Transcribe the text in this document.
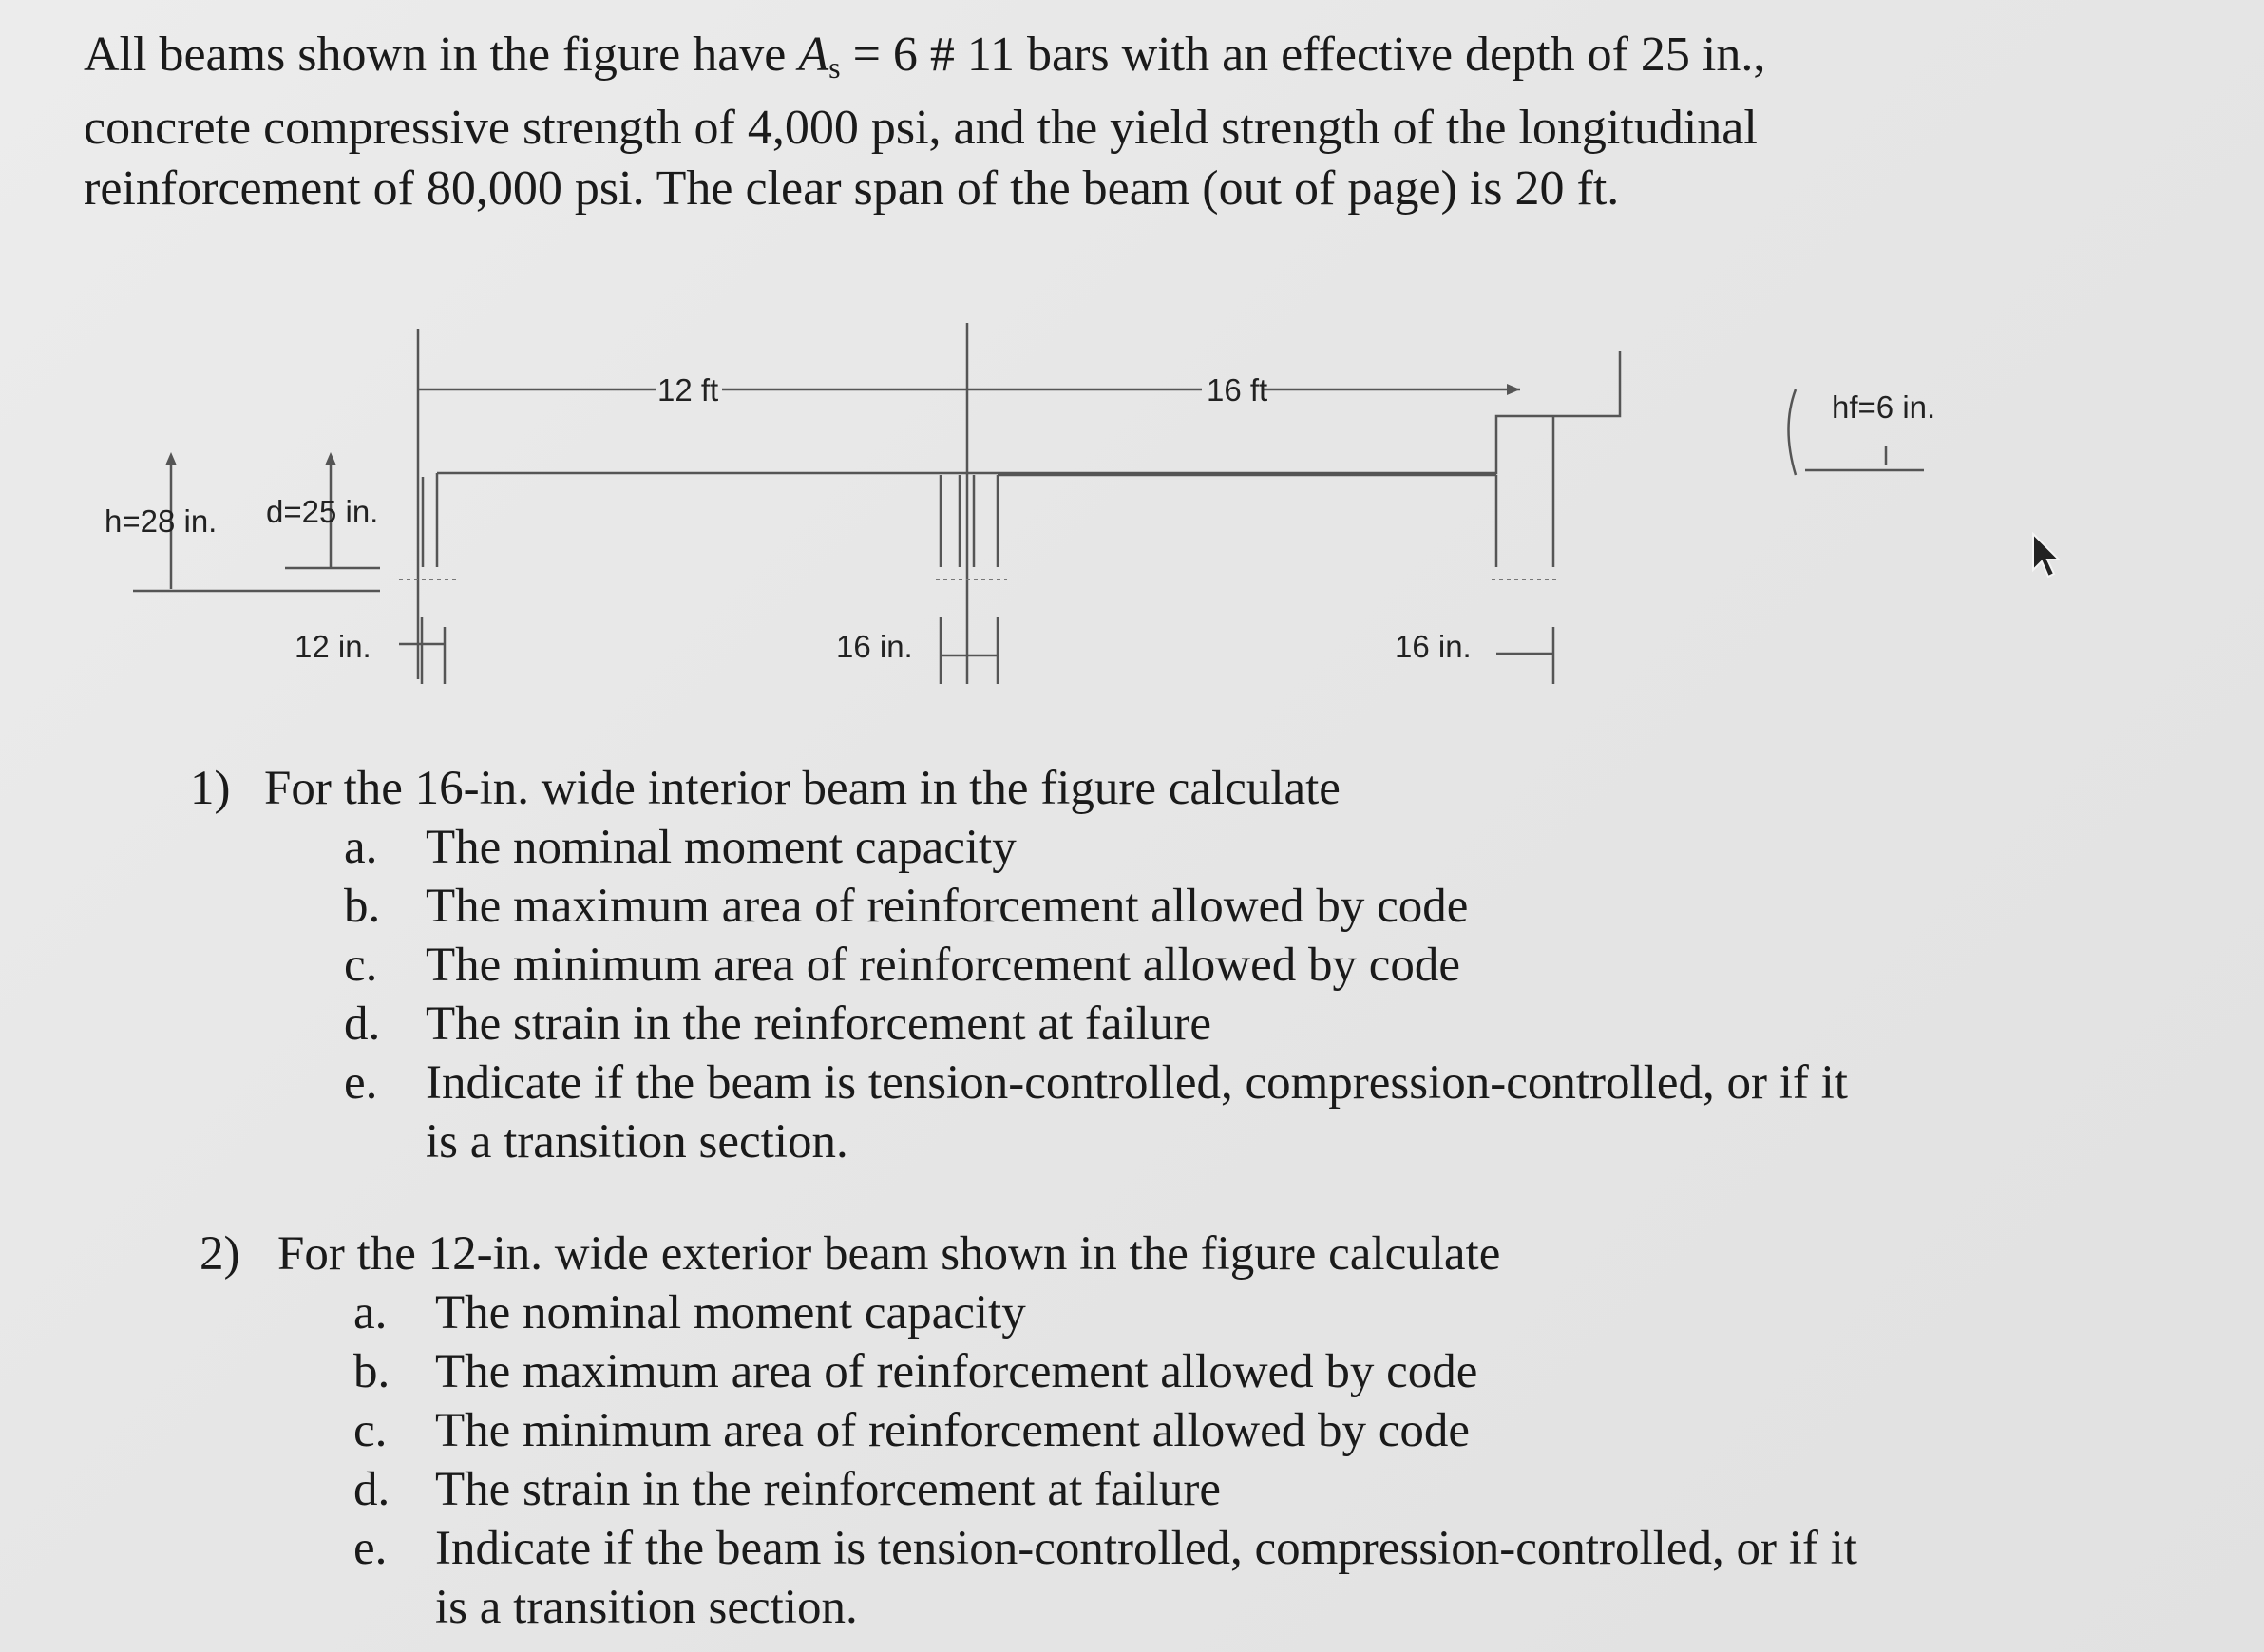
All beams shown in the figure have $A_s = 6$ # 11 bars with an effective depth of 25 in., concrete compressive strength of 4,000 psi, and the yield strength of the longitudinal reinforcement of 80,000 psi. The clear span of the beam (out of page) is 20 ft.

h=28 in. d=25 in.
12 ft	16 ft	hf=6 in.
12 in.	16 in.	16 in.
1) For the 16-in. wide interior beam in the figure calculate
a. The nominal moment capacity
b. The maximum area of reinforcement allowed by code
c. The minimum area of reinforcement allowed by code
d. The strain in the reinforcement at failure
e. Indicate if the beam is tension-controlled, compression-controlled, or if it
is a transition section.
2) For the 12-in. wide exterior beam shown in the figure calculate
a. The nominal moment capacity
b. The maximum area of reinforcement allowed by code
c. The minimum area of reinforcement allowed by code
d. The strain in the reinforcement at failure
e. Indicate if the beam is tension-controlled, compression-controlled, or if it
is a transition section.
